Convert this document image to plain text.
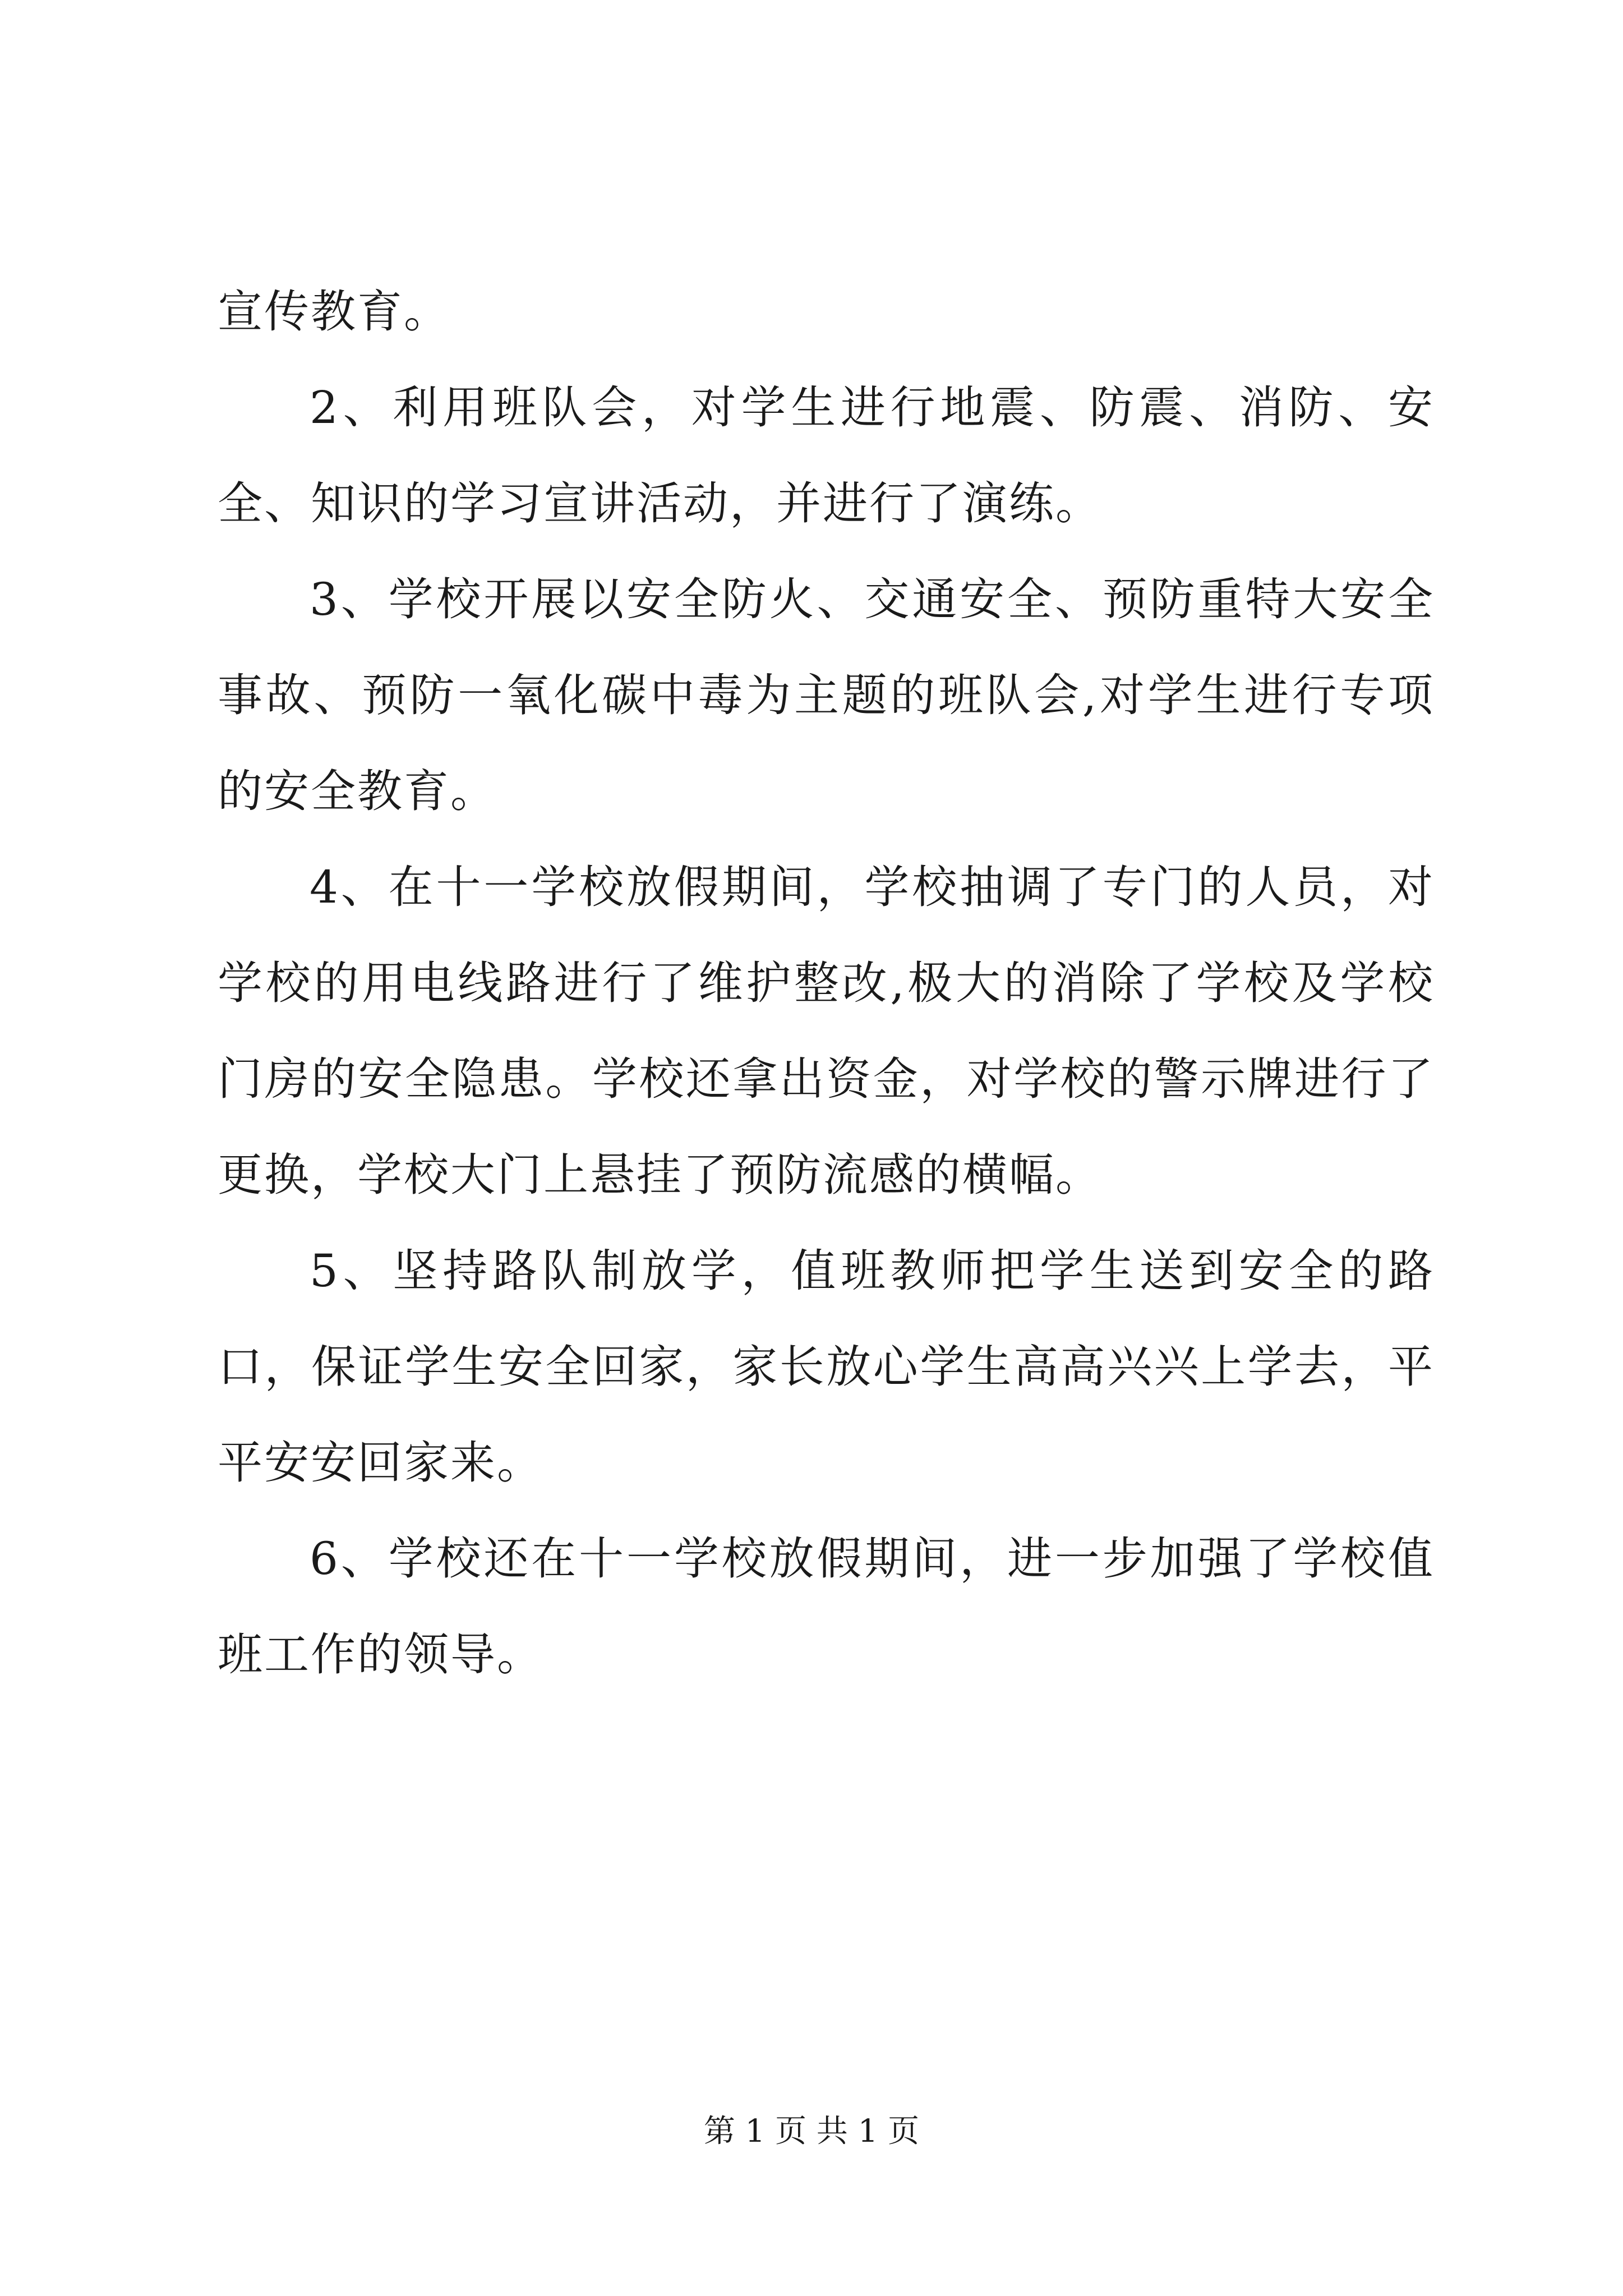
宣传教育。

2、利用班队会，对学生进行地震、防震、消防、安全、知识的学习宣讲活动，并进行了演练。

3、学校开展以安全防火、交通安全、预防重特大安全事故、预防一氧化碳中毒为主题的班队会,对学生进行专项的安全教育。

4、在十一学校放假期间，学校抽调了专门的人员，对学校的用电线路进行了维护整改,极大的消除了学校及学校门房的安全隐患。学校还拿出资金，对学校的警示牌进行了更换，学校大门上悬挂了预防流感的横幅。

5、坚持路队制放学，值班教师把学生送到安全的路口，保证学生安全回家，家长放心学生高高兴兴上学去，平平安安回家来。

6、学校还在十一学校放假期间，进一步加强了学校值班工作的领导。

第 1 页 共 1 页
